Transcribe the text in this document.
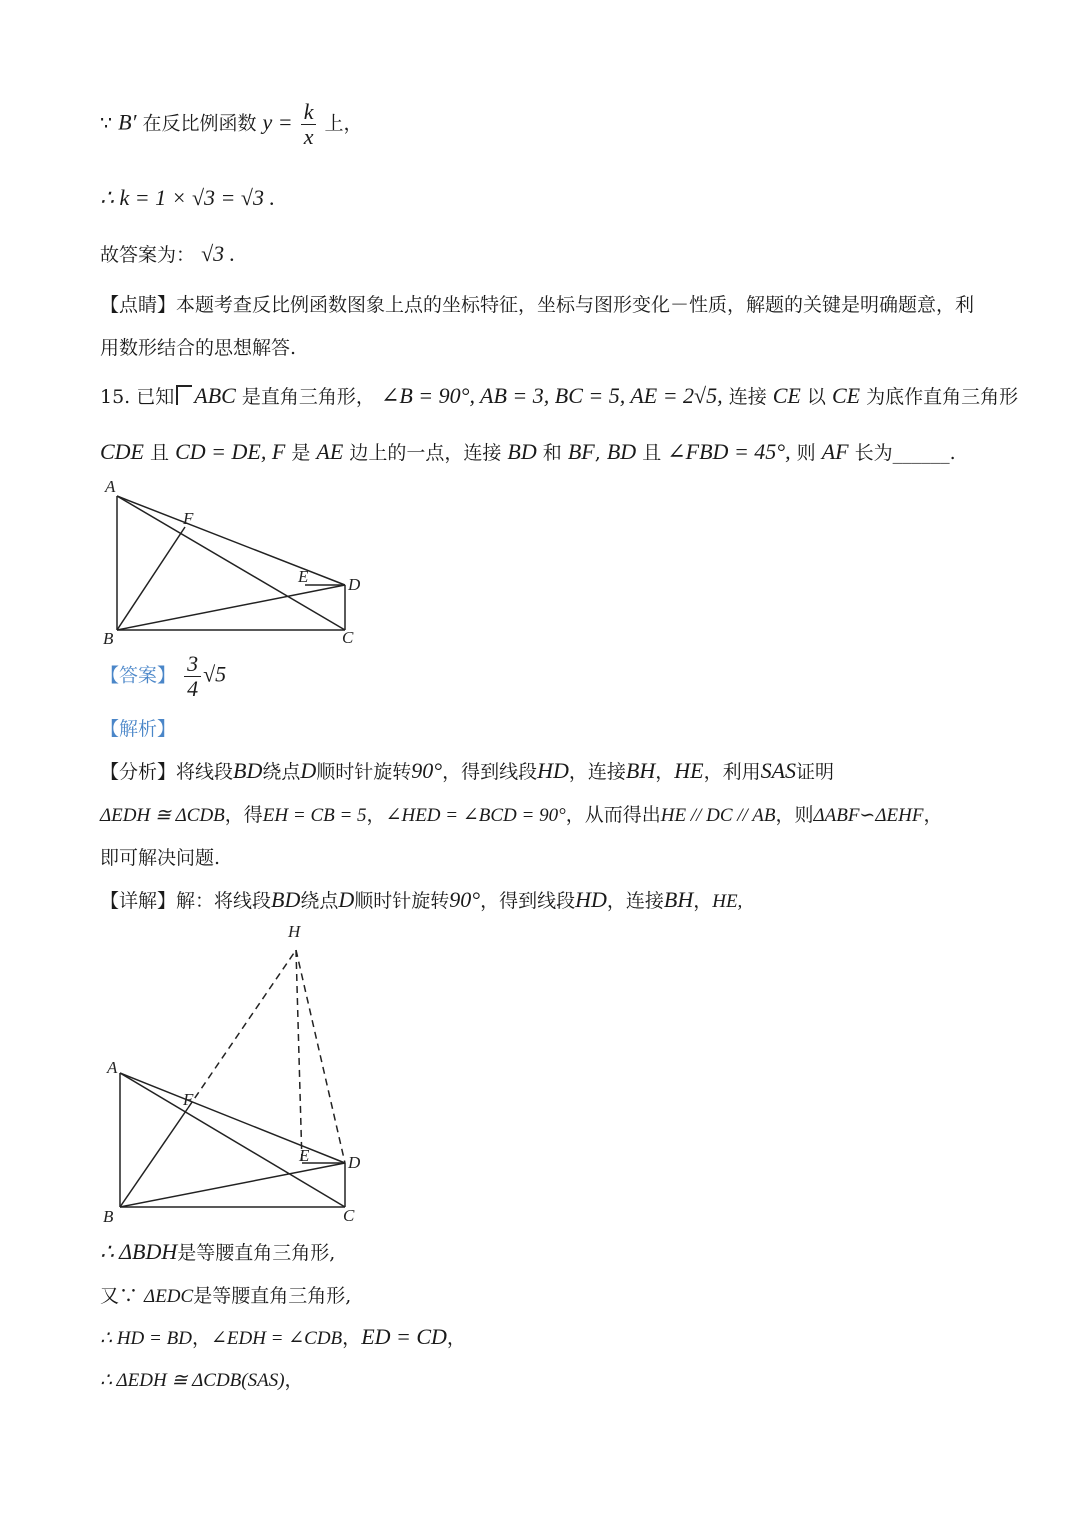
∵ B′ 在反比例函数 $y = \frac{k}{x}$ 上，
∴ k = 1 × √3 = √3 .
故答案为： √3 .
【点睛】本题考查反比例函数图象上点的坐标特征，坐标与图形变化－性质，解题的关键是明确题意，利
用数形结合的思想解答.
15. 已知 ABC 是直角三角形， ∠B = 90°, AB = 3, BC = 5, AE = 2√5, 连接 CE 以 CE 为底作直角三角形
CDE 且 CD = DE, F 是 AE 边上的一点，连接 BD 和 BF, BD 且 ∠FBD = 45°, 则 AF 长为______.
A
F
E D
B	C
【答案】 $\frac{3}{4} √5$
【解析】
【分析】将线段BD绕点D顺时针旋转90°，得到线段HD，连接BH，HE，利用SAS证明
ΔEDH ≅ ΔCDB，得EH = CB = 5，∠HED = ∠BCD = 90°，从而得出HE // DC // AB，则ΔABF∽ΔEHF，
即可解决问题.
【详解】解：将线段BD绕点D顺时针旋转90°，得到线段HD，连接BH，HE,
H
A
F
E D
B	C
∴ ΔBDH是等腰直角三角形,
又∵ ΔEDC是等腰直角三角形,
∴ HD = BD，∠EDH = ∠CDB，ED = CD，
∴ ΔEDH ≅ ΔCDB(SAS)，
